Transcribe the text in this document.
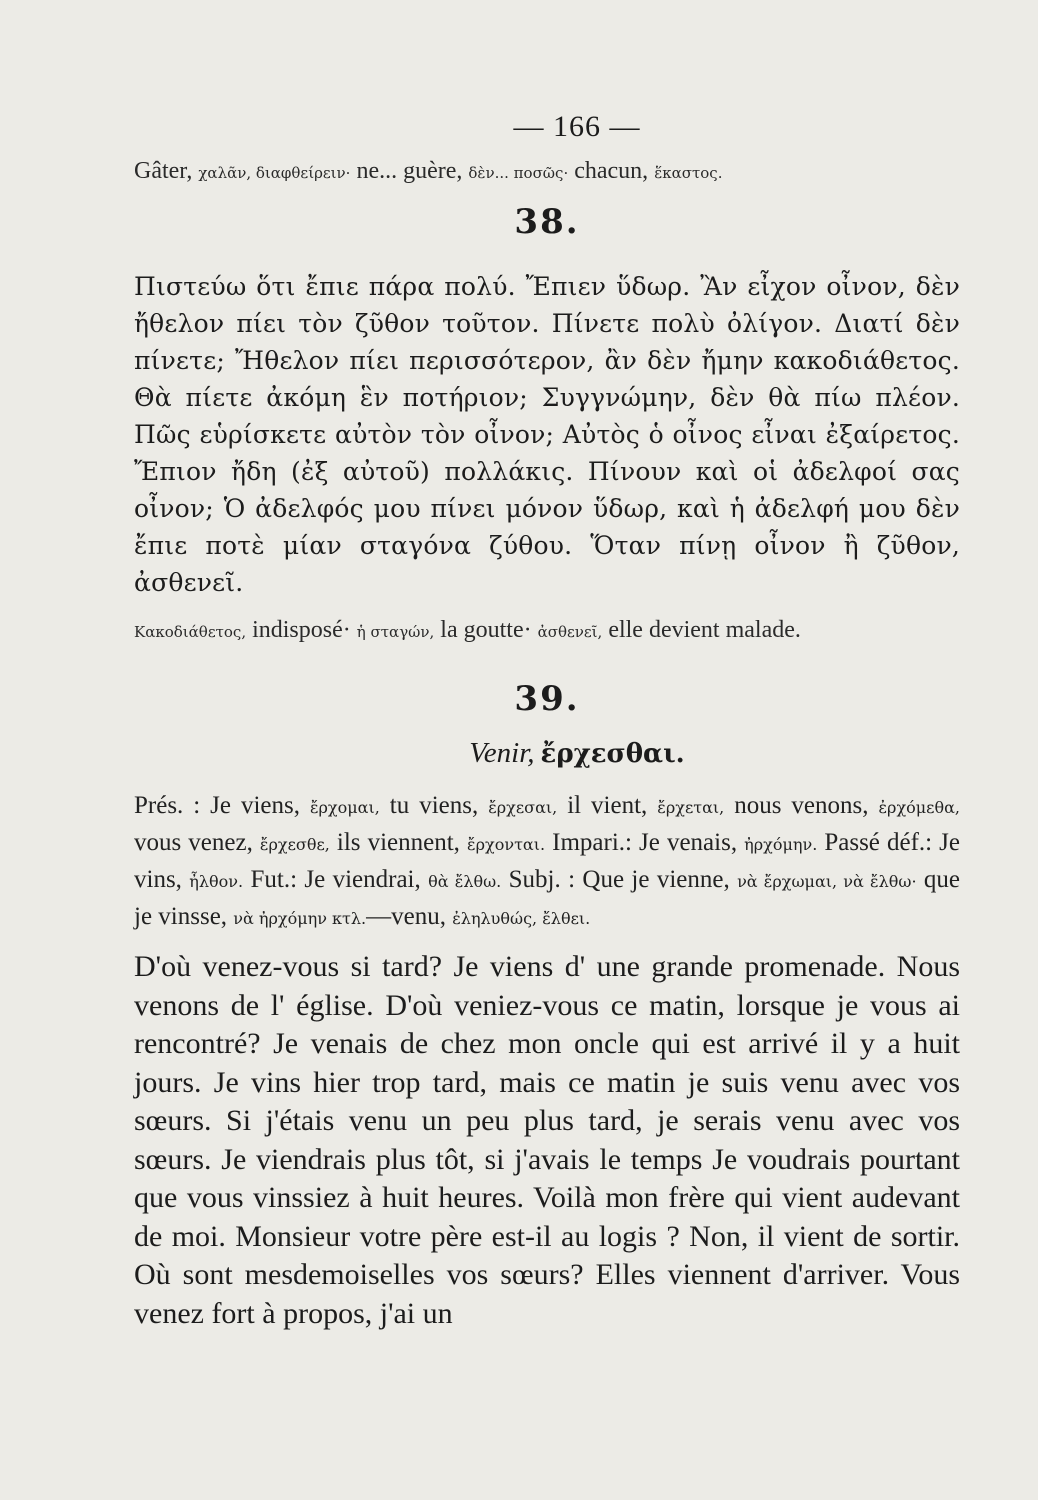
— 166 —
Gâter, χαλᾶν, διαφθείρειν· ne... guère, δὲν... ποσῶς· chacun, ἕκαστος.
38.

Πιστεύω ὅτι ἔπιε πάρα πολύ. Ἔπιεν ὕδωρ. Ἂν εἶχον οἶνον, δὲν ἤθελον πίει τὸν ζῦθον τοῦτον. Πίνετε πολὺ ὀλίγον. Διατί δὲν πίνετε; Ἤθελον πίει περισσότερον, ἂν δὲν ἤμην κακοδιάθετος. Θὰ πίετε ἀκόμη ἓν ποτήριον; Συγγνώμην, δὲν θὰ πίω πλέον. Πῶς εὑρίσκετε αὐτὸν τὸν οἶνον; Αὐτὸς ὁ οἶνος εἶναι ἐξαίρετος. Ἔπιον ἤδη (ἐξ αὐτοῦ) πολλάκις. Πίνουν καὶ οἱ ἀδελφοί σας οἶνον; Ὁ ἀδελφός μου πίνει μόνον ὕδωρ, καὶ ἡ ἀδελφή μου δὲν ἔπιε ποτὲ μίαν σταγόνα ζύθου. Ὅταν πίνῃ οἶνον ἢ ζῦθον, ἀσθενεῖ.

Κακοδιάθετος, indisposé· ἡ σταγών, la goutte· ἀσθενεῖ, elle devient malade.
39.
Venir, ἔρχεσθαι.
Prés. : Je viens, ἔρχομαι, tu viens, ἔρχεσαι, il vient, ἔρχεται, nous venons, ἐρχόμεθα, vous venez, ἔρχεσθε, ils viennent, ἔρχονται. Impari.: Je venais, ἠρχόμην. Passé déf.: Je vins, ἦλθον. Fut.: Je viendrai, θὰ ἔλθω. Subj. : Que je vienne, νὰ ἔρχωμαι, νὰ ἔλθω· que je vinsse, νὰ ἠρχόμην κτλ.—venu, ἐληλυθώς, ἔλθει.
D'où venez-vous si tard? Je viens d' une grande promenade. Nous venons de l' église. D'où veniez-vous ce matin, lorsque je vous ai rencontré? Je venais de chez mon oncle qui est arrivé il y a huit jours. Je vins hier trop tard, mais ce matin je suis venu avec vos sœurs. Si j'étais venu un peu plus tard, je serais venu avec vos sœurs. Je viendrais plus tôt, si j'avais le temps Je voudrais pourtant que vous vinssiez à huit heures. Voilà mon frère qui vient audevant de moi. Monsieur votre père est-il au logis ? Non, il vient de sortir. Où sont mesdemoiselles vos sœurs? Elles viennent d'arriver. Vous venez fort à propos, j'ai un
